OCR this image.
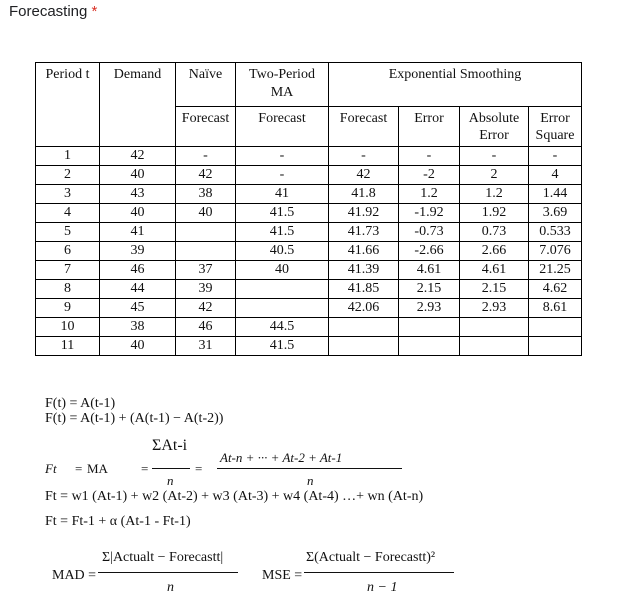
Forecasting *
Period t	Demand	Naïve	Two-Period MA	Exponential Smoothing			
		Forecast	Forecast	Forecast	Error	Absolute Error	Error Square
1	42	-	-	-	-	-	-
2	40	42	-	42	-2	2	4
3	43	38	41	41.8	1.2	1.2	1.44
4	40	40	41.5	41.92	-1.92	1.92	3.69
5	41		41.5	41.73	-0.73	0.73	0.533
6	39		40.5	41.66	-2.66	2.66	7.076
7	46	37	40	41.39	4.61	4.61	21.25
8	44	39		41.85	2.15	2.15	4.62
9	45	42		42.06	2.93	2.93	8.61
10	38	46	44.5				
11	40	31	41.5				
F(t) = A(t-1)
F(t) = A(t-1) + (A(t-1) − A(t-2))
Ft = MA	=
ΣAt-i
n
=
At-n + ··· + At-2 + At-1
n
Ft = w1 (At-1) + w2 (At-2) + w3 (At-3) + w4 (At-4) …+ wn (At-n)
Ft = Ft-1 + α (At-1 - Ft-1)
MAD =
Σ|Actualt − Forecastt|
n
MSE =
Σ(Actualt − Forecastt)²
n − 1
